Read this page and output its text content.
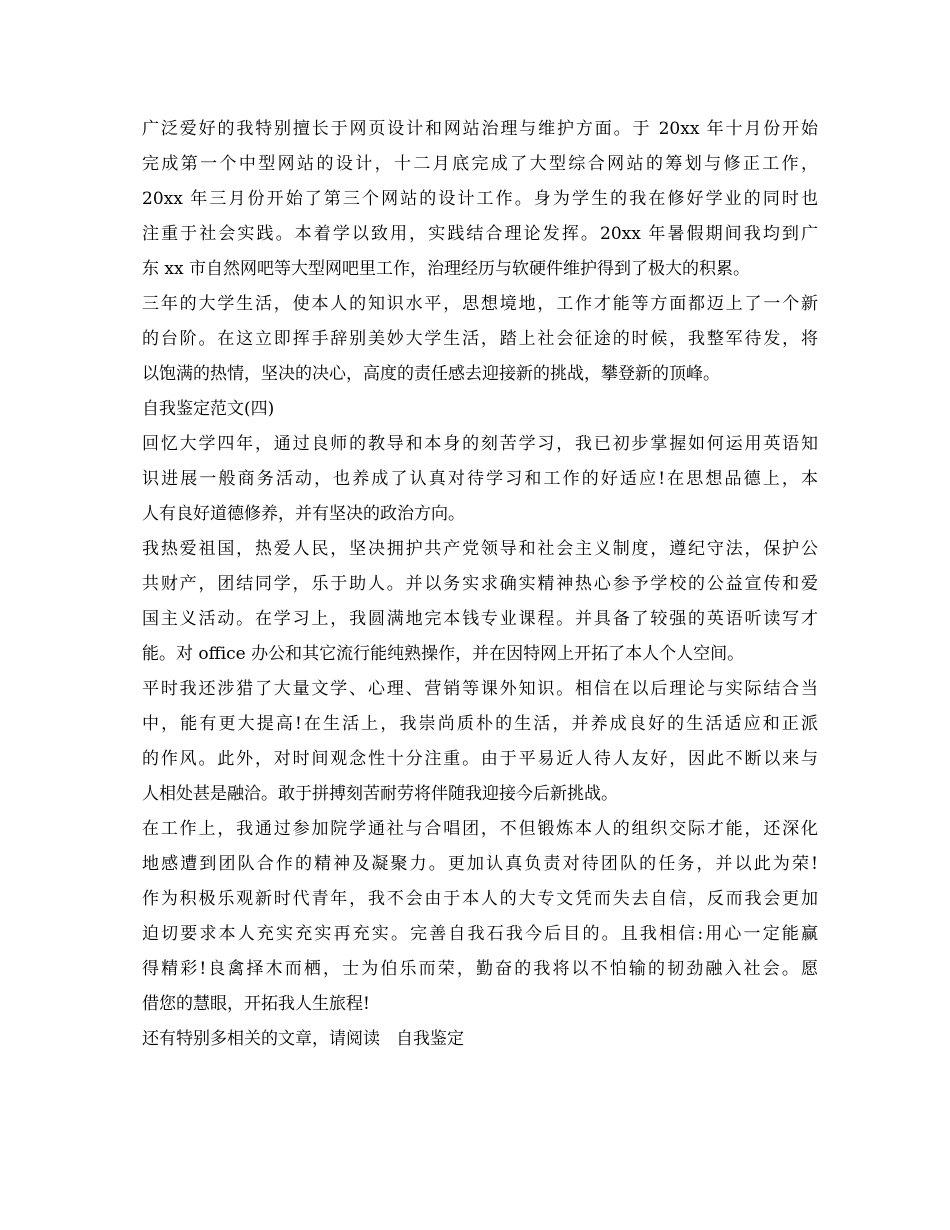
广泛爱好的我特别擅长于网页设计和网站治理与维护方面。于 20xx 年十月份开始
完成第一个中型网站的设计，十二月底完成了大型综合网站的筹划与修正工作，
20xx 年三月份开始了第三个网站的设计工作。身为学生的我在修好学业的同时也
注重于社会实践。本着学以致用，实践结合理论发挥。20xx 年暑假期间我均到广
东 xx 市自然网吧等大型网吧里工作，治理经历与软硬件维护得到了极大的积累。
三年的大学生活，使本人的知识水平，思想境地，工作才能等方面都迈上了一个新
的台阶。在这立即挥手辞别美妙大学生活，踏上社会征途的时候，我整军待发，将
以饱满的热情，坚决的决心，高度的责任感去迎接新的挑战，攀登新的顶峰。
自我鉴定范文(四)
回忆大学四年，通过良师的教导和本身的刻苦学习，我已初步掌握如何运用英语知
识进展一般商务活动，也养成了认真对待学习和工作的好适应!在思想品德上，本
人有良好道德修养，并有坚决的政治方向。
我热爱祖国，热爱人民，坚决拥护共产党领导和社会主义制度，遵纪守法，保护公
共财产，团结同学，乐于助人。并以务实求确实精神热心参予学校的公益宣传和爱
国主义活动。在学习上，我圆满地完本钱专业课程。并具备了较强的英语听读写才
能。对 office 办公和其它流行能纯熟操作，并在因特网上开拓了本人个人空间。
平时我还涉猎了大量文学、心理、营销等课外知识。相信在以后理论与实际结合当
中，能有更大提高!在生活上，我崇尚质朴的生活，并养成良好的生活适应和正派
的作风。此外，对时间观念性十分注重。由于平易近人待人友好，因此不断以来与
人相处甚是融洽。敢于拼搏刻苦耐劳将伴随我迎接今后新挑战。
在工作上，我通过参加院学通社与合唱团，不但锻炼本人的组织交际才能，还深化
地感遭到团队合作的精神及凝聚力。更加认真负责对待团队的任务，并以此为荣!
作为积极乐观新时代青年，我不会由于本人的大专文凭而失去自信，反而我会更加
迫切要求本人充实充实再充实。完善自我石我今后目的。且我相信:用心一定能赢
得精彩!良禽择木而栖，士为伯乐而荣，勤奋的我将以不怕输的韧劲融入社会。愿
借您的慧眼，开拓我人生旅程!
还有特别多相关的文章，请阅读 自我鉴定
